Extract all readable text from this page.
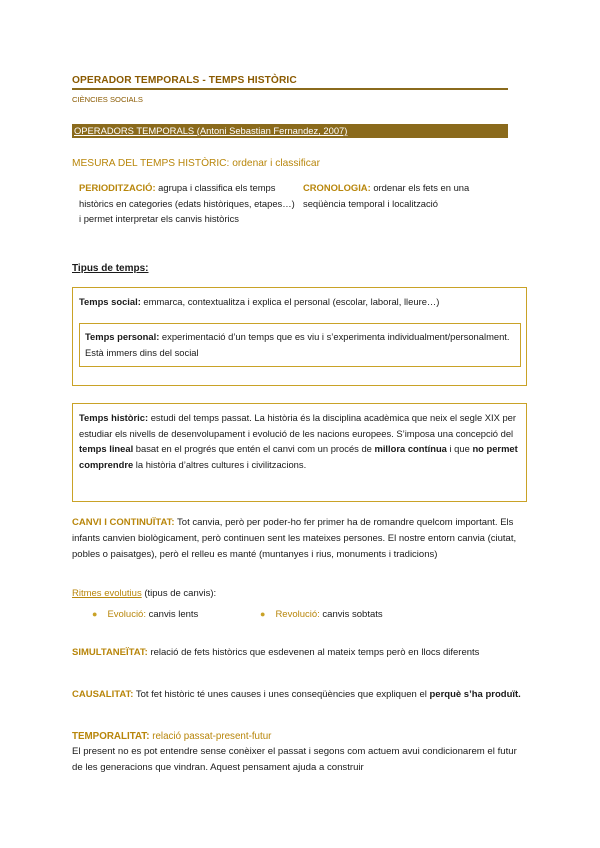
OPERADOR TEMPORALS - TEMPS HISTÒRIC
CIÈNCIES SOCIALS
OPERADORS TEMPORALS (Antoni Sebastian Fernandez, 2007)
MESURA DEL TEMPS HISTÒRIC: ordenar i classificar
PERIODITZACIÓ: agrupa i classifica els temps històrics en categories (edats històriques, etapes…) i permet interpretar els canvis històrics
CRONOLOGIA: ordenar els fets en una seqüència temporal i localització
Tipus de temps:
Temps social: emmarca, contextualitza i explica el personal (escolar, laboral, lleure…)
Temps personal: experimentació d’un temps que es viu i s’experimenta individualment/personalment. Està immers dins del social
Temps històric: estudi del temps passat. La història és la disciplina acadèmica que neix el segle XIX per estudiar els nivells de desenvolupament i evolució de les nacions europees. S’imposa una concepció del temps lineal basat en el progrés que entén el canvi com un procés de millora contínua i que no permet comprendre la història d’altres cultures i civilitzacions.
CANVI I CONTINUÏTAT: Tot canvia, però per poder-ho fer primer ha de romandre quelcom important. Els infants canvien biològicament, però continuen sent les mateixes persones. El nostre entorn canvia (ciutat, pobles o paisatges), però el relleu es manté (muntanyes i rius, monuments i tradicions)
Ritmes evolutius (tipus de canvis):
● Evolució: canvis lents	● Revolució: canvis sobtats
SIMULTANEÏTAT: relació de fets històrics que esdevenen al mateix temps però en llocs diferents
CAUSALITAT: Tot fet històric té unes causes i unes conseqüències que expliquen el perquè s’ha produït.
TEMPORALITAT: relació passat-present-futur
El present no es pot entendre sense conèixer el passat i segons com actuem avui condicionarem el futur de les generacions que vindran. Aquest pensament ajuda a construir
